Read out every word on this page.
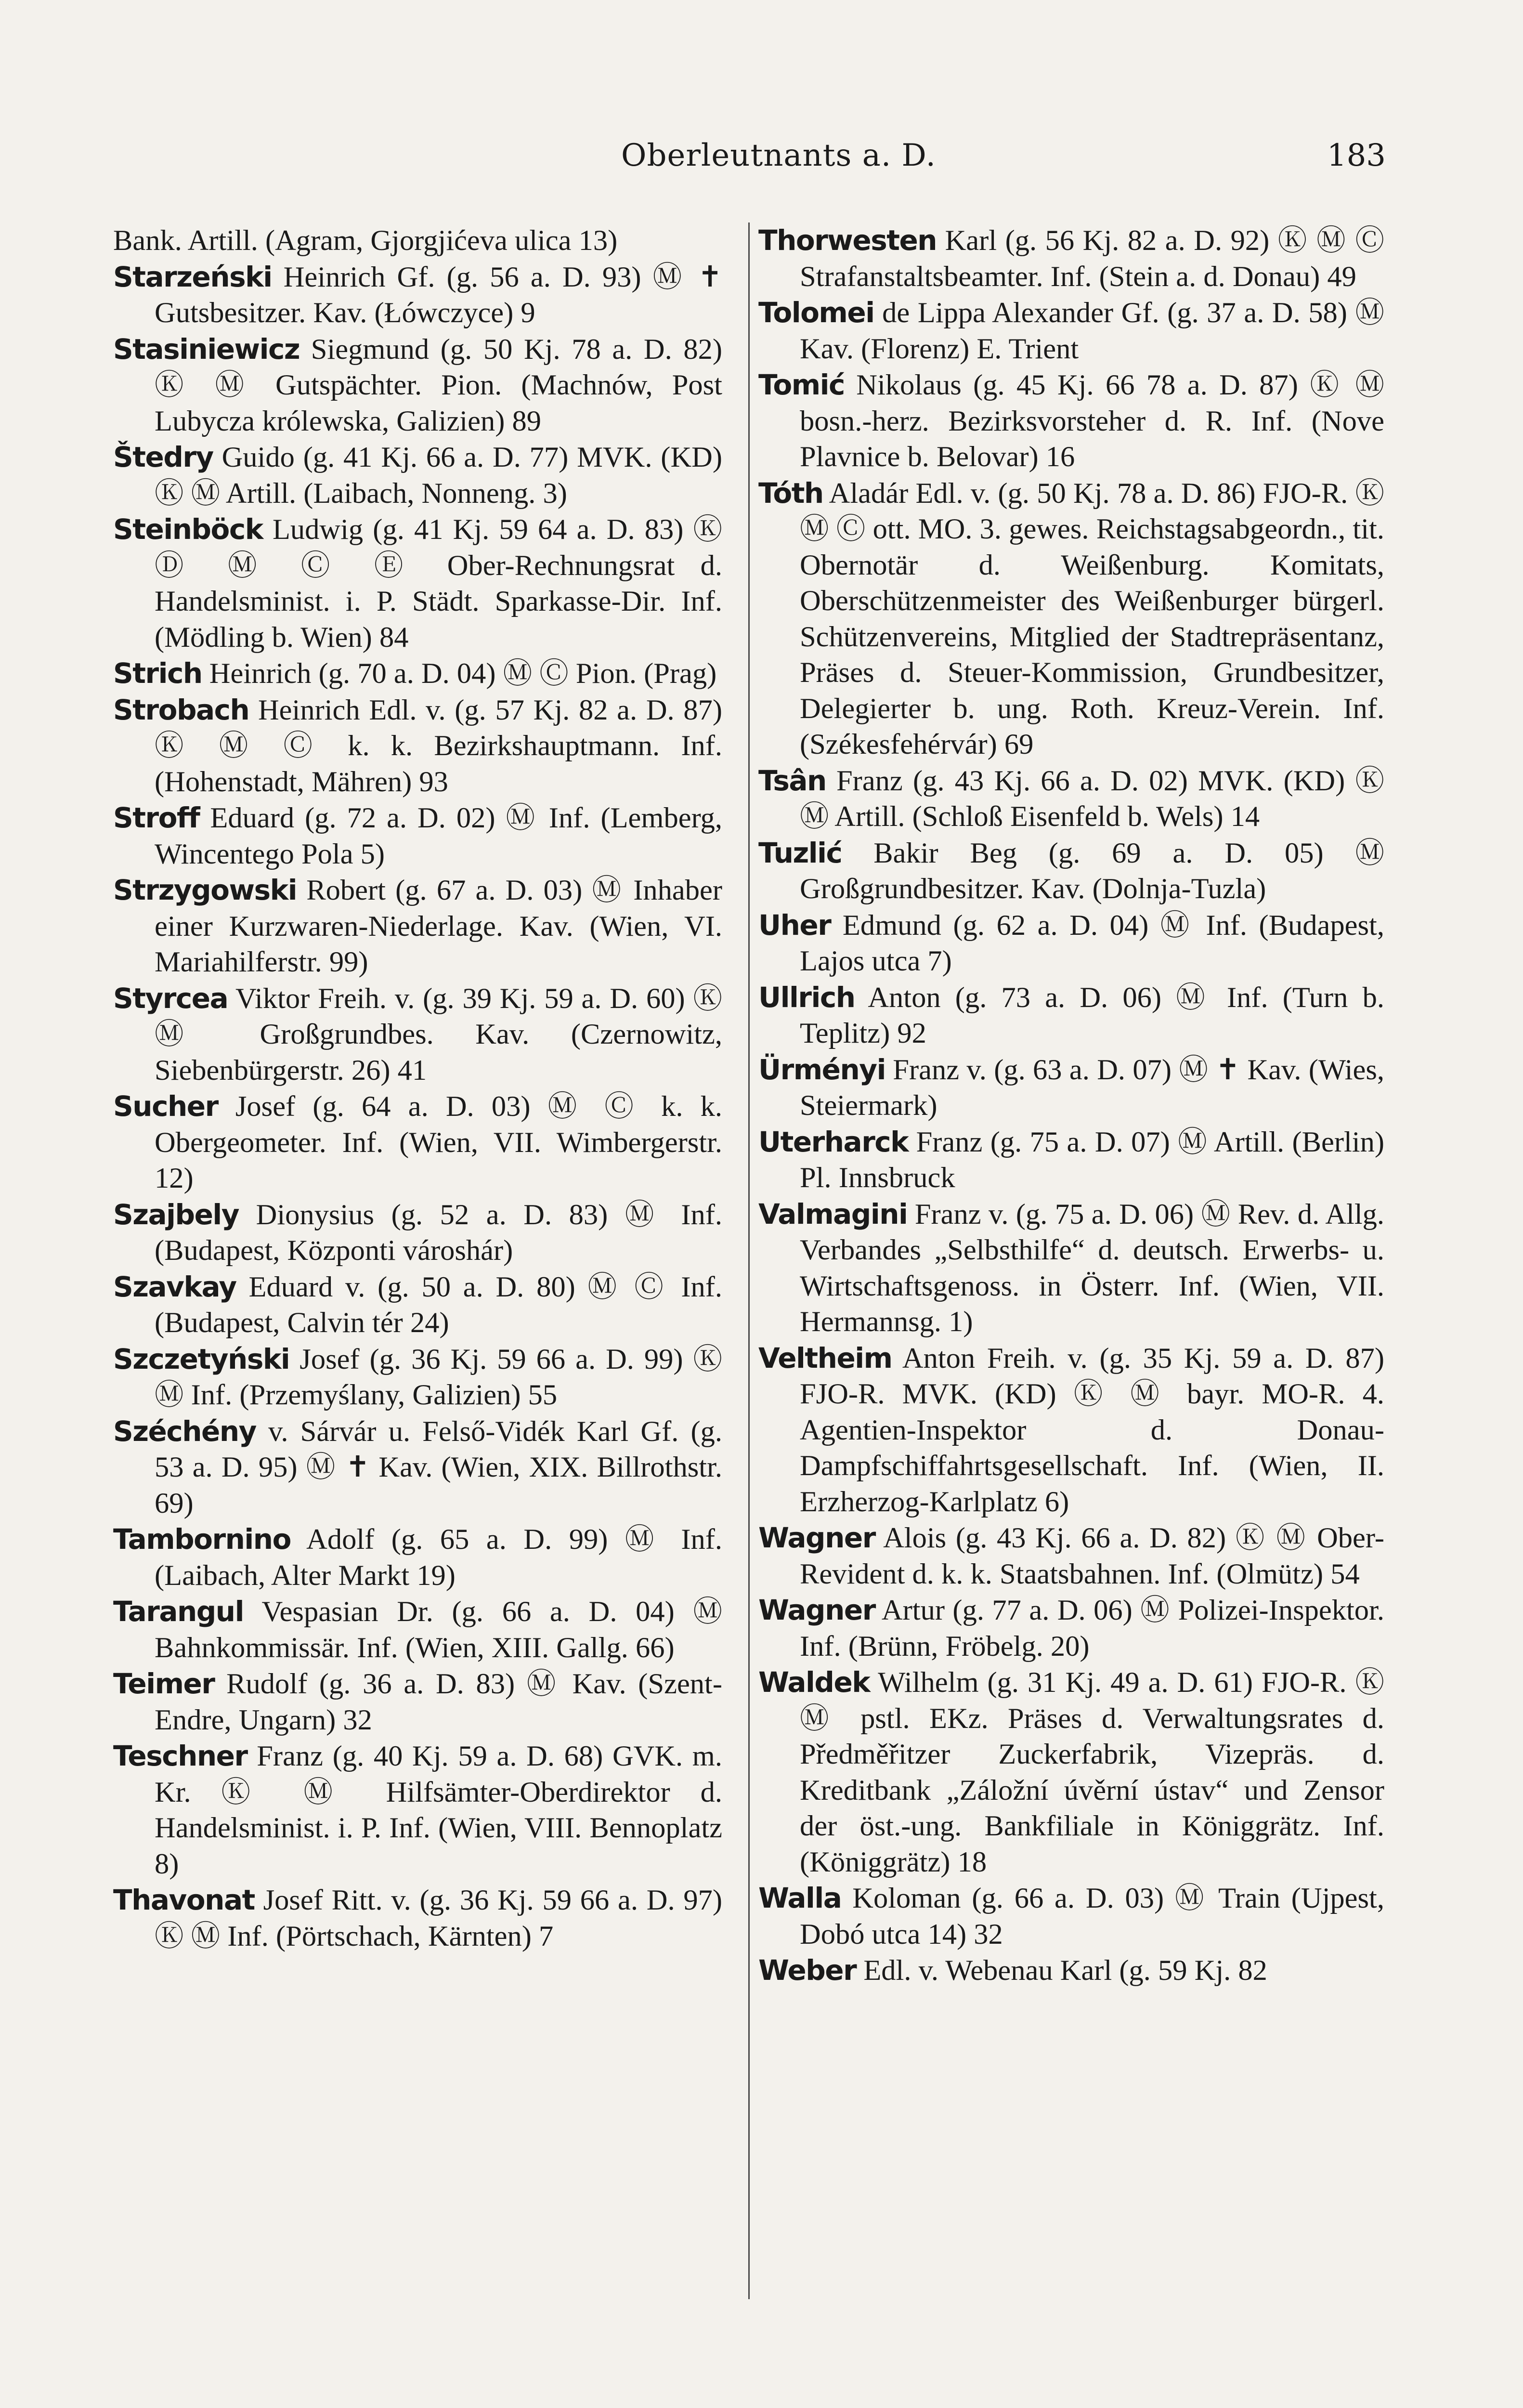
Oberleutnants a. D.	183

Bank. Artill. (Agram, Gjorgjićeva ulica 13)

Starzeński Heinrich Gf. (g. 56 a. D. 93) Ⓜ ✝ Gutsbesitzer. Kav. (Łówczyce) 9

Stasiniewicz Siegmund (g. 50 Kj. 78 a. D. 82) Ⓚ Ⓜ Gutspächter. Pion. (Machnów, Post Lubycza królewska, Galizien) 89

Štedry Guido (g. 41 Kj. 66 a. D. 77) MVK. (KD) Ⓚ Ⓜ Artill. (Laibach, Nonneng. 3)

Steinböck Ludwig (g. 41 Kj. 59 64 a. D. 83) Ⓚ Ⓓ Ⓜ Ⓒ Ⓔ Ober-Rechnungsrat d. Handelsminist. i. P. Städt. Sparkasse-Dir. Inf. (Mödling b. Wien) 84

Strich Heinrich (g. 70 a. D. 04) Ⓜ Ⓒ Pion. (Prag)

Strobach Heinrich Edl. v. (g. 57 Kj. 82 a. D. 87) Ⓚ Ⓜ Ⓒ k. k. Bezirkshauptmann. Inf. (Hohenstadt, Mähren) 93

Stroff Eduard (g. 72 a. D. 02) Ⓜ Inf. (Lemberg, Wincentego Pola 5)

Strzygowski Robert (g. 67 a. D. 03) Ⓜ Inhaber einer Kurzwaren-Niederlage. Kav. (Wien, VI. Mariahilferstr. 99)

Styrcea Viktor Freih. v. (g. 39 Kj. 59 a. D. 60) Ⓚ Ⓜ Großgrundbes. Kav. (Czernowitz, Siebenbürgerstr. 26) 41

Sucher Josef (g. 64 a. D. 03) Ⓜ Ⓒ k. k. Obergeometer. Inf. (Wien, VII. Wimbergerstr. 12)

Szajbely Dionysius (g. 52 a. D. 83) Ⓜ Inf. (Budapest, Központi városhár)

Szavkay Eduard v. (g. 50 a. D. 80) Ⓜ Ⓒ Inf. (Budapest, Calvin tér 24)

Szczetyński Josef (g. 36 Kj. 59 66 a. D. 99) Ⓚ Ⓜ Inf. (Przemyślany, Galizien) 55

Széchény v. Sárvár u. Felső-Vidék Karl Gf. (g. 53 a. D. 95) Ⓜ ✝ Kav. (Wien, XIX. Billrothstr. 69)

Tambornino Adolf (g. 65 a. D. 99) Ⓜ Inf. (Laibach, Alter Markt 19)

Tarangul Vespasian Dr. (g. 66 a. D. 04) Ⓜ Bahnkommissär. Inf. (Wien, XIII. Gallg. 66)

Teimer Rudolf (g. 36 a. D. 83) Ⓜ Kav. (Szent-Endre, Ungarn) 32

Teschner Franz (g. 40 Kj. 59 a. D. 68) GVK. m. Kr. Ⓚ Ⓜ Hilfsämter-Oberdirektor d. Handelsminist. i. P. Inf. (Wien, VIII. Bennoplatz 8)

Thavonat Josef Ritt. v. (g. 36 Kj. 59 66 a. D. 97) Ⓚ Ⓜ Inf. (Pörtschach, Kärnten) 7

Thorwesten Karl (g. 56 Kj. 82 a. D. 92) Ⓚ Ⓜ Ⓒ Strafanstaltsbeamter. Inf. (Stein a. d. Donau) 49

Tolomei de Lippa Alexander Gf. (g. 37 a. D. 58) Ⓜ Kav. (Florenz) E. Trient

Tomić Nikolaus (g. 45 Kj. 66 78 a. D. 87) Ⓚ Ⓜ bosn.-herz. Bezirksvorsteher d. R. Inf. (Nove Plavnice b. Belovar) 16

Tóth Aladár Edl. v. (g. 50 Kj. 78 a. D. 86) FJO-R. Ⓚ Ⓜ Ⓒ ott. MO. 3. gewes. Reichstagsabgeordn., tit. Obernotär d. Weißenburg. Komitats, Oberschützenmeister des Weißenburger bürgerl. Schützenvereins, Mitglied der Stadtrepräsentanz, Präses d. Steuer-Kommission, Grundbesitzer, Delegierter b. ung. Roth. Kreuz-Verein. Inf. (Székesfehérvár) 69

Tsân Franz (g. 43 Kj. 66 a. D. 02) MVK. (KD) Ⓚ Ⓜ Artill. (Schloß Eisenfeld b. Wels) 14

Tuzlić Bakir Beg (g. 69 a. D. 05) Ⓜ Großgrundbesitzer. Kav. (Dolnja-Tuzla)

Uher Edmund (g. 62 a. D. 04) Ⓜ Inf. (Budapest, Lajos utca 7)

Ullrich Anton (g. 73 a. D. 06) Ⓜ Inf. (Turn b. Teplitz) 92

Ürményi Franz v. (g. 63 a. D. 07) Ⓜ ✝ Kav. (Wies, Steiermark)

Uterharck Franz (g. 75 a. D. 07) Ⓜ Artill. (Berlin) Pl. Innsbruck

Valmagini Franz v. (g. 75 a. D. 06) Ⓜ Rev. d. Allg. Verbandes „Selbsthilfe“ d. deutsch. Erwerbs- u. Wirtschaftsgenoss. in Österr. Inf. (Wien, VII. Hermannsg. 1)

Veltheim Anton Freih. v. (g. 35 Kj. 59 a. D. 87) FJO-R. MVK. (KD) Ⓚ Ⓜ bayr. MO-R. 4. Agentien-Inspektor d. Donau-Dampfschiffahrtsgesellschaft. Inf. (Wien, II. Erzherzog-Karlplatz 6)

Wagner Alois (g. 43 Kj. 66 a. D. 82) Ⓚ Ⓜ Ober-Revident d. k. k. Staatsbahnen. Inf. (Olmütz) 54

Wagner Artur (g. 77 a. D. 06) Ⓜ Polizei-Inspektor. Inf. (Brünn, Fröbelg. 20)

Waldek Wilhelm (g. 31 Kj. 49 a. D. 61) FJO-R. Ⓚ Ⓜ pstl. EKz. Präses d. Verwaltungsrates d. Předměřitzer Zuckerfabrik, Vizepräs. d. Kreditbank „Záložní úvěrní ústav“ und Zensor der öst.-ung. Bankfiliale in Königgrätz. Inf. (Königgrätz) 18

Walla Koloman (g. 66 a. D. 03) Ⓜ Train (Ujpest, Dobó utca 14) 32

Weber Edl. v. Webenau Karl (g. 59 Kj. 82
